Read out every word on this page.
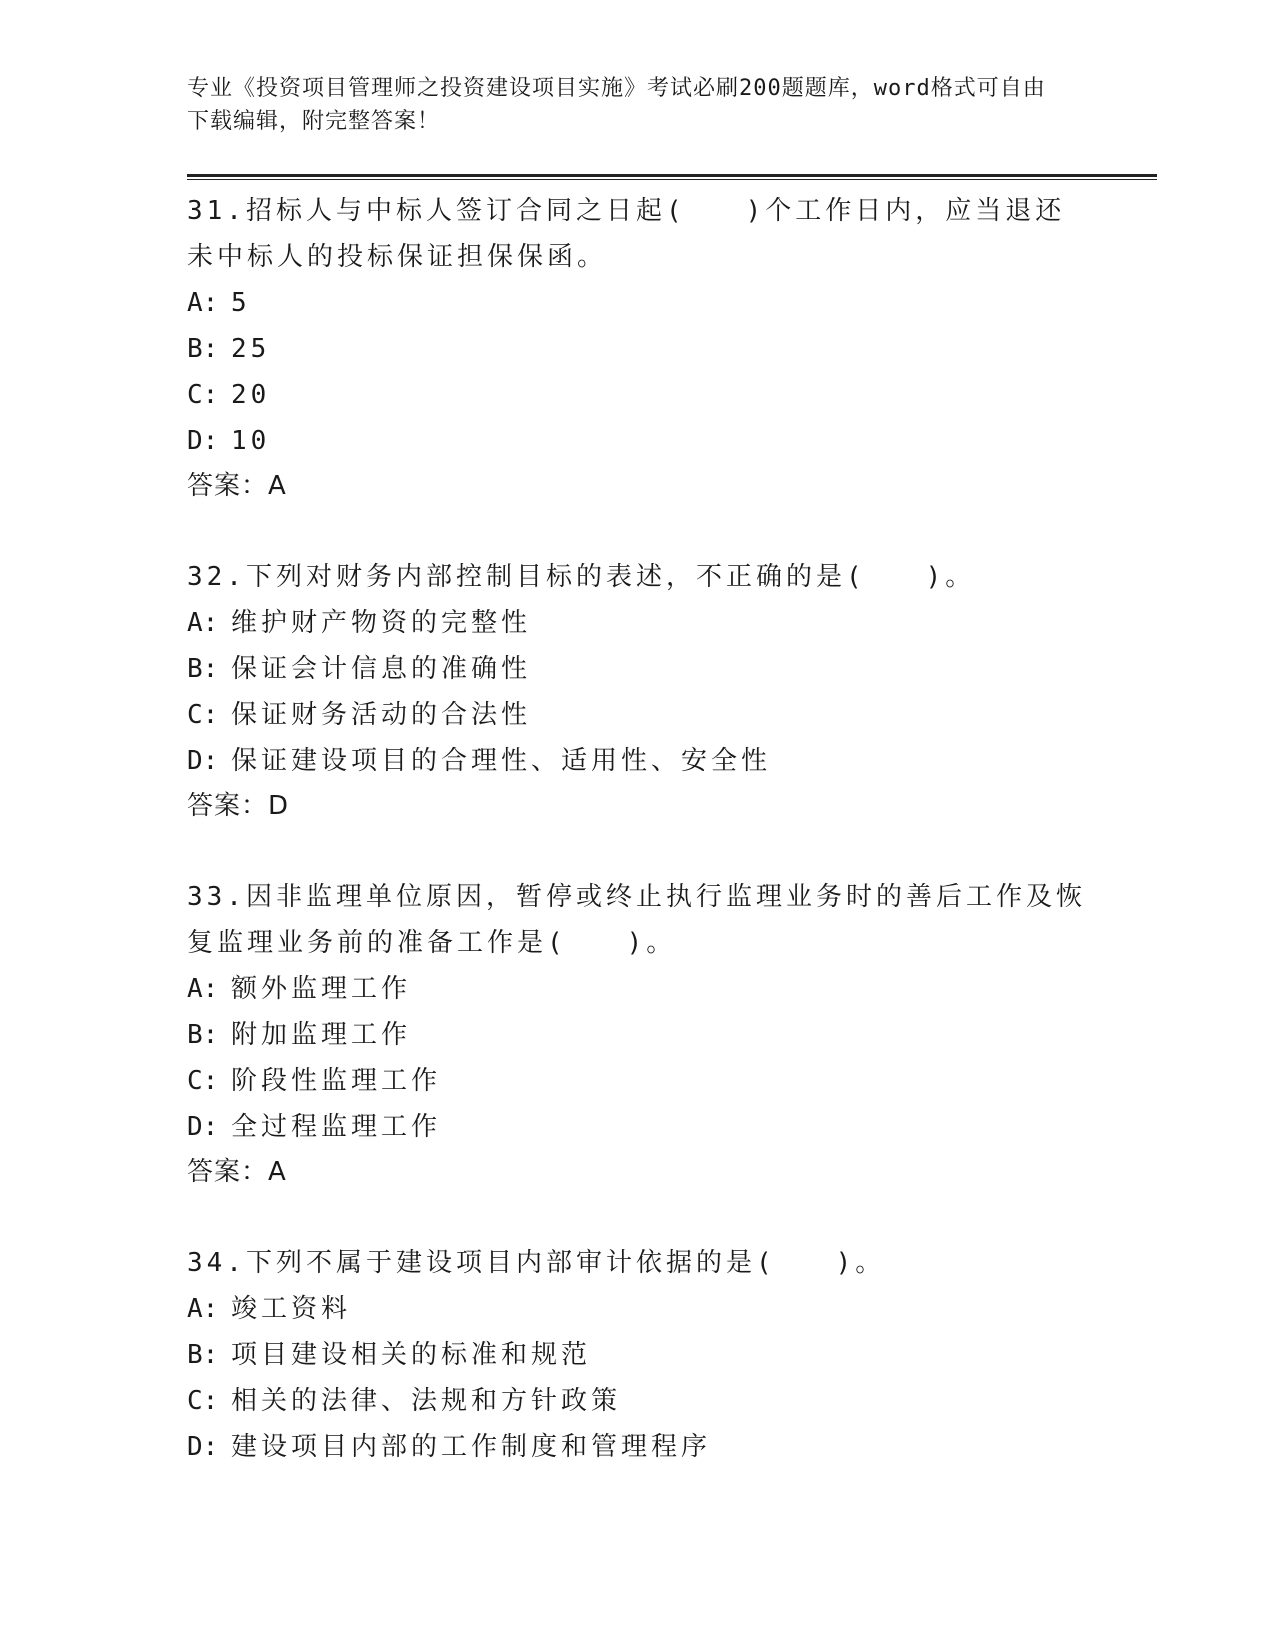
专业《投资项目管理师之投资建设项目实施》考试必刷200题题库，word格式可自由下载编辑，附完整答案！
31.招标人与中标人签订合同之日起(　　)个工作日内，应当退还未中标人的投标保证担保保函。
A: 5
B: 25
C: 20
D: 10
答案：A
32.下列对财务内部控制目标的表述，不正确的是(　　)。
A: 维护财产物资的完整性
B: 保证会计信息的准确性
C: 保证财务活动的合法性
D: 保证建设项目的合理性、适用性、安全性
答案：D
33.因非监理单位原因，暂停或终止执行监理业务时的善后工作及恢复监理业务前的准备工作是(　　)。
A: 额外监理工作
B: 附加监理工作
C: 阶段性监理工作
D: 全过程监理工作
答案：A
34.下列不属于建设项目内部审计依据的是(　　)。
A: 竣工资料
B: 项目建设相关的标准和规范
C: 相关的法律、法规和方针政策
D: 建设项目内部的工作制度和管理程序
